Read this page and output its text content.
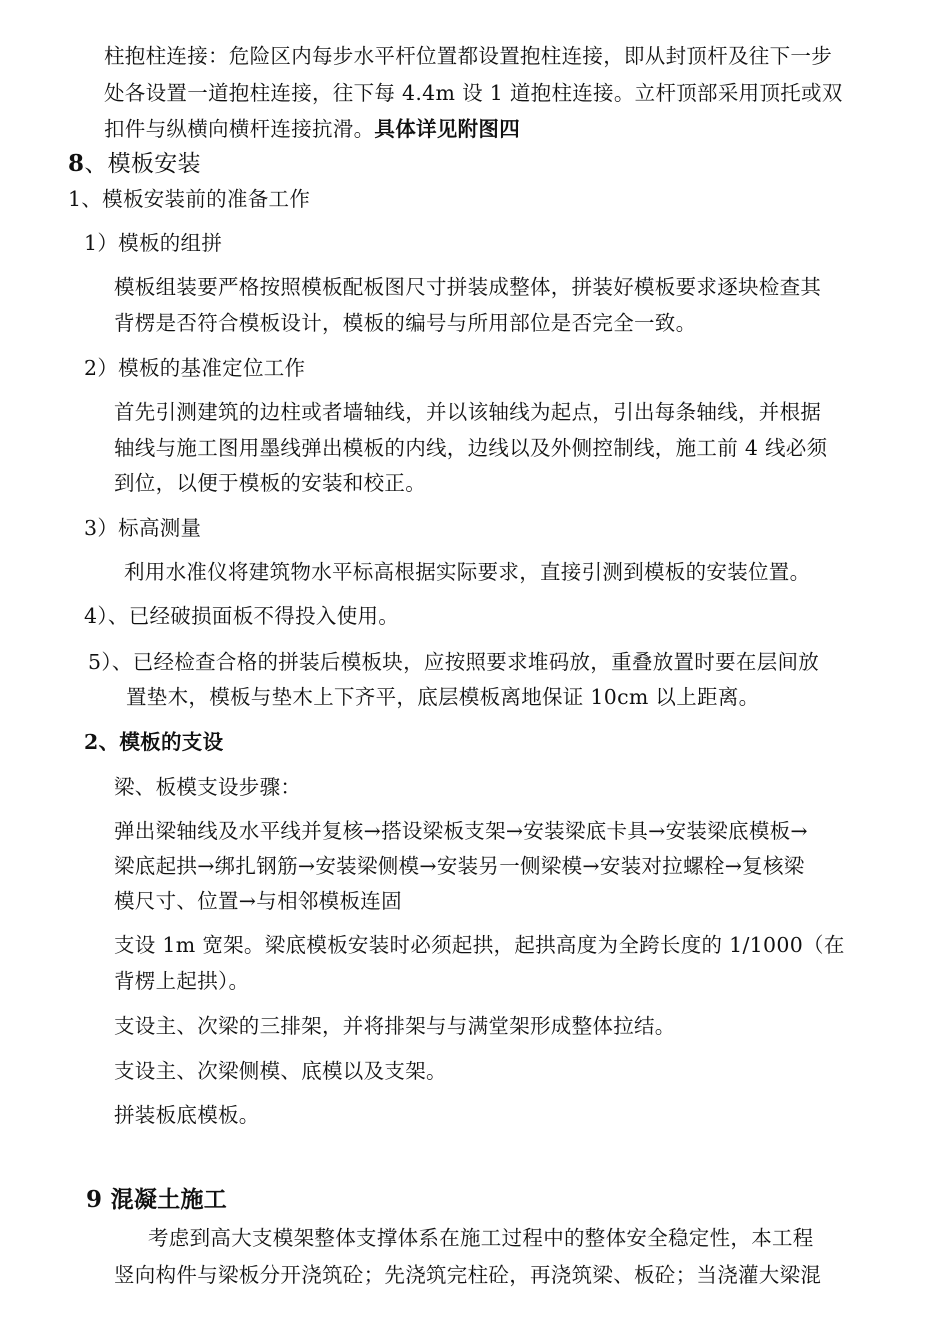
柱抱柱连接：危险区内每步水平杆位置都设置抱柱连接，即从封顶杆及往下一步
处各设置一道抱柱连接，往下每 4.4m 设 1 道抱柱连接。立杆顶部采用顶托或双
扣件与纵横向横杆连接抗滑。具体详见附图四
8、模板安装
1、模板安装前的准备工作
1）模板的组拼
模板组装要严格按照模板配板图尺寸拼装成整体，拼装好模板要求逐块检查其
背楞是否符合模板设计，模板的编号与所用部位是否完全一致。
2）模板的基准定位工作
首先引测建筑的边柱或者墙轴线，并以该轴线为起点，引出每条轴线，并根据
轴线与施工图用墨线弹出模板的内线，边线以及外侧控制线，施工前 4 线必须
到位，以便于模板的安装和校正。
3）标高测量
利用水准仪将建筑物水平标高根据实际要求，直接引测到模板的安装位置。
4）、已经破损面板不得投入使用。
5）、已经检查合格的拼装后模板块，应按照要求堆码放，重叠放置时要在层间放
置垫木，模板与垫木上下齐平，底层模板离地保证 10cm 以上距离。
2、模板的支设
梁、板模支设步骤：
弹出梁轴线及水平线并复核→搭设梁板支架→安装梁底卡具→安装梁底模板→
梁底起拱→绑扎钢筋→安装梁侧模→安装另一侧梁模→安装对拉螺栓→复核梁
模尺寸、位置→与相邻模板连固
支设 1m 宽架。梁底模板安装时必须起拱，起拱高度为全跨长度的 1/1000（在
背楞上起拱）。
支设主、次梁的三排架，并将排架与与满堂架形成整体拉结。
支设主、次梁侧模、底模以及支架。
拼装板底模板。
9 混凝土施工
考虑到高大支模架整体支撑体系在施工过程中的整体安全稳定性，本工程
竖向构件与梁板分开浇筑砼；先浇筑完柱砼，再浇筑梁、板砼；当浇灌大梁混
